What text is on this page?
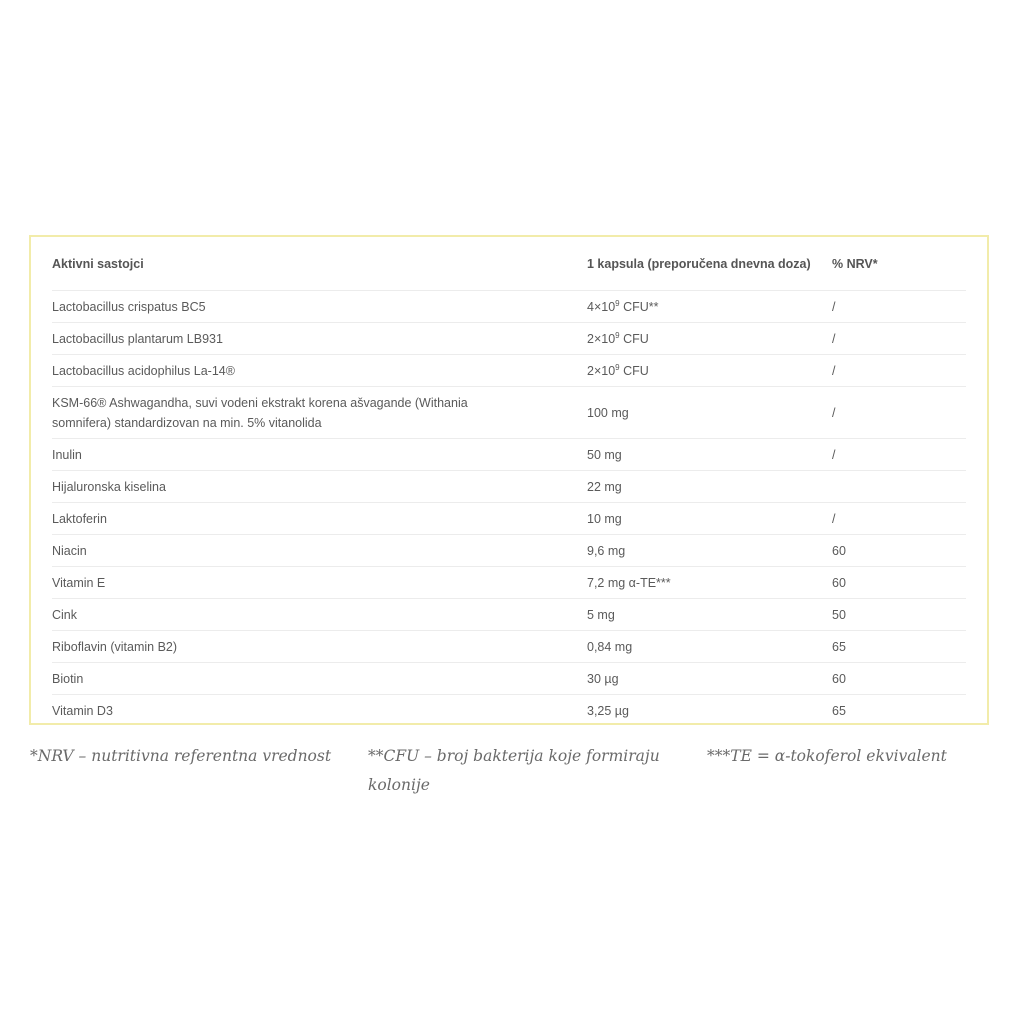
Aktivni sastojci	1 kapsula (preporučena dnevna doza)	% NRV*
Lactobacillus crispatus BC5	$4\times 10^9$ CFU**	/
Lactobacillus plantarum LB931	$2\times 10^9$ CFU	/
Lactobacillus acidophilus La-14®	$2\times 10^9$ CFU	/
KSM-66® Ashwagandha, suvi vodeni ekstrakt korena ašvagande (Withania somnifera) standardizovan na min. 5% vitanolida	100 mg	/
Inulin	50 mg	/
Hijaluronska kiselina	22 mg	
Laktoferin	10 mg	/
Niacin	9,6 mg	60
Vitamin E	7,2 mg α-TE***	60
Cink	5 mg	50
Riboflavin (vitamin B2)	0,84 mg	65
Biotin	30 µg	60
Vitamin D3	3,25 µg	65
*NRV – nutritivna referentna vrednost	**CFU – broj bakterija koje formiraju kolonije
***TE = α-tokoferol ekvivalent
